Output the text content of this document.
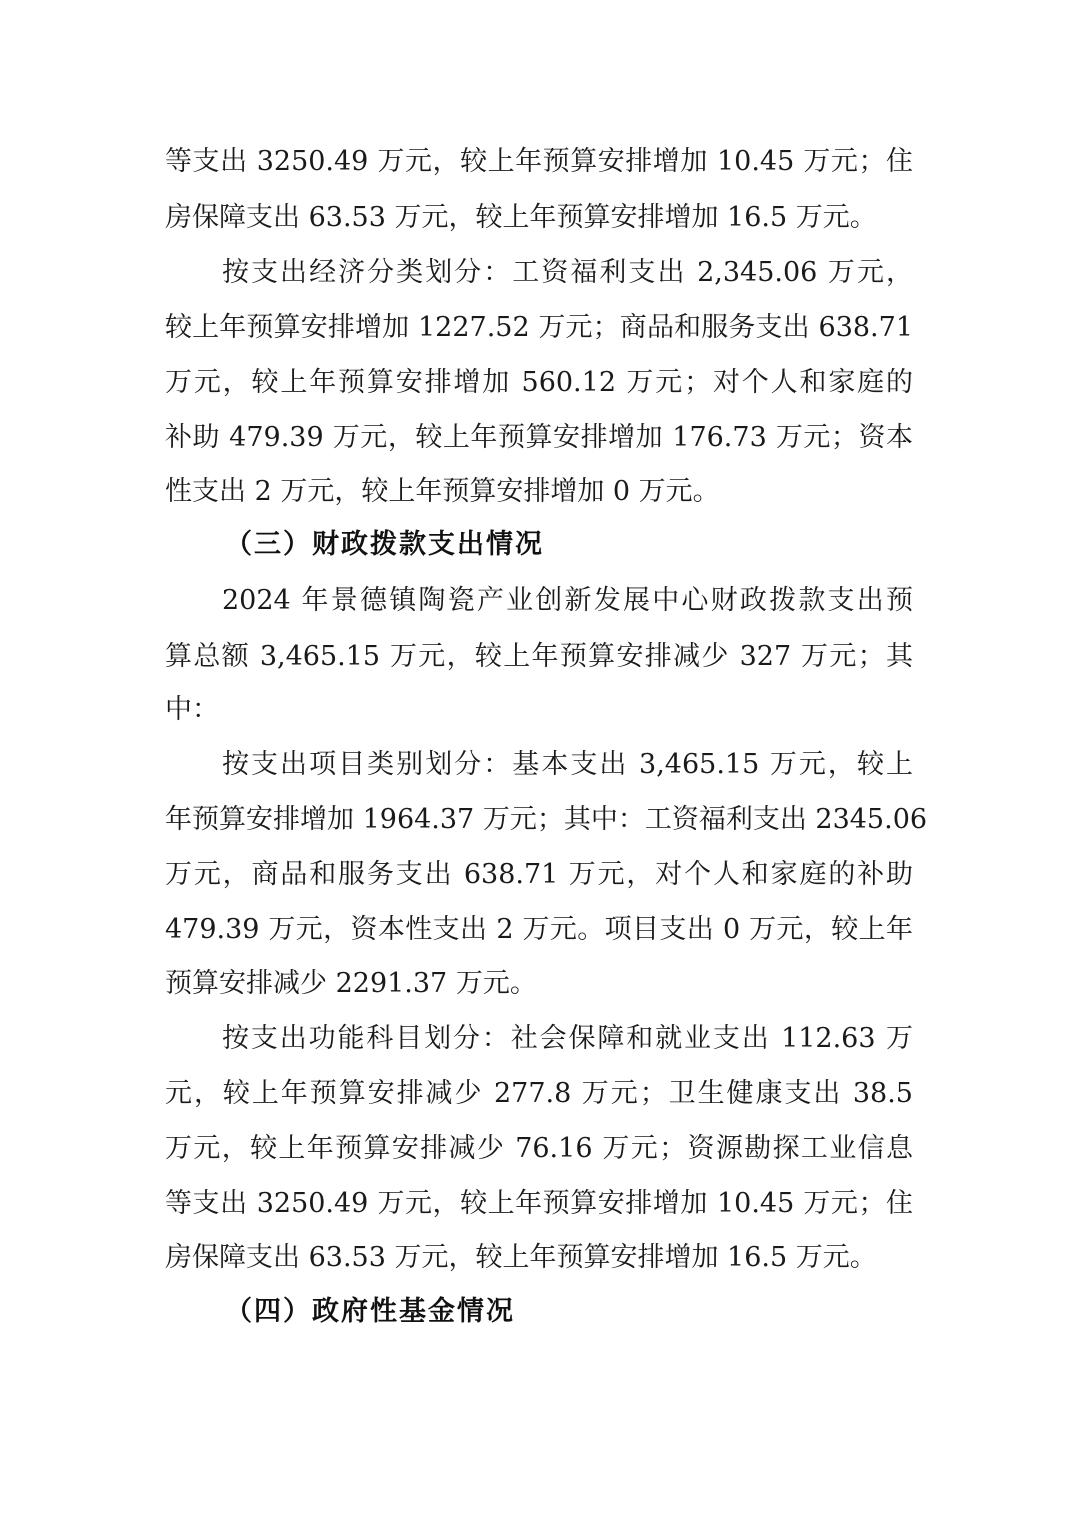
等支出 3250.49 万元，较上年预算安排增加 10.45 万元；住
房保障支出 63.53 万元，较上年预算安排增加 16.5 万元。
按支出经济分类划分：工资福利支出 2,345.06 万元，
较上年预算安排增加 1227.52 万元；商品和服务支出 638.71
万元，较上年预算安排增加 560.12 万元；对个人和家庭的
补助 479.39 万元，较上年预算安排增加 176.73 万元；资本
性支出 2 万元，较上年预算安排增加 0 万元。
（三）财政拨款支出情况
2024 年景德镇陶瓷产业创新发展中心财政拨款支出预
算总额 3,465.15 万元，较上年预算安排减少 327 万元；其
中：
按支出项目类别划分：基本支出 3,465.15 万元，较上
年预算安排增加 1964.37 万元；其中：工资福利支出 2345.06
万元，商品和服务支出 638.71 万元，对个人和家庭的补助
479.39 万元，资本性支出 2 万元。项目支出 0 万元，较上年
预算安排减少 2291.37 万元。
按支出功能科目划分：社会保障和就业支出 112.63 万
元，较上年预算安排减少 277.8 万元；卫生健康支出 38.5
万元，较上年预算安排减少 76.16 万元；资源勘探工业信息
等支出 3250.49 万元，较上年预算安排增加 10.45 万元；住
房保障支出 63.53 万元，较上年预算安排增加 16.5 万元。
（四）政府性基金情况
